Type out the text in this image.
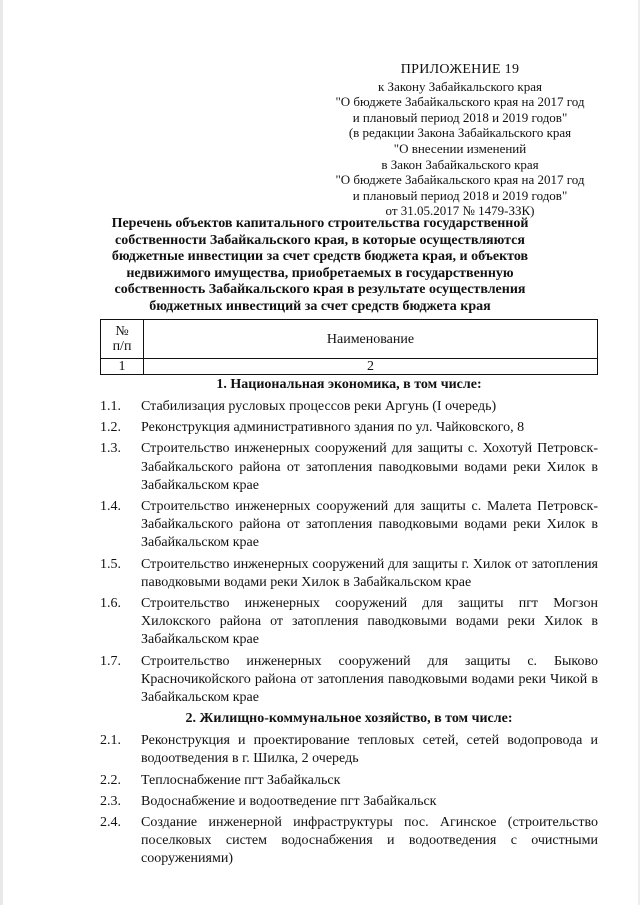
ПРИЛОЖЕНИЕ 19
к Закону Забайкальского края
"О бюджете Забайкальского края на 2017 год
и плановый период 2018 и 2019 годов"
(в редакции Закона Забайкальского края
"О внесении изменений
в Закон Забайкальского края
"О бюджете Забайкальского края на 2017 год
и плановый период 2018 и 2019 годов"
от 31.05.2017 № 1479-ЗЗК)
Перечень объектов капитального строительства государственной собственности Забайкальского края, в которые осуществляются бюджетные инвестиции за счет средств бюджета края, и объектов недвижимого имущества, приобретаемых в государственную собственность Забайкальского края в результате осуществления бюджетных инвестиций за счет средств бюджета края
№
п/п	Наименование
1	2
1. Национальная экономика, в том числе:
1.1.	Стабилизация русловых процессов реки Аргунь (I очередь)
1.2.	Реконструкция административного здания по ул. Чайковского, 8
1.3.	Строительство инженерных сооружений для защиты с. Хохотуй Петровск-Забайкальского района от затопления паводковыми водами реки Хилок в Забайкальском крае
1.4.	Строительство инженерных сооружений для защиты с. Малета Петровск-Забайкальского района от затопления паводковыми водами реки Хилок в Забайкальском крае
1.5.	Строительство инженерных сооружений для защиты г. Хилок от затопления паводковыми водами реки Хилок в Забайкальском крае
1.6.	Строительство инженерных сооружений для защиты пгт Могзон Хилокского района от затопления паводковыми водами реки Хилок в Забайкальском крае
1.7.	Строительство инженерных сооружений для защиты с. Быково Красночикойского района от затопления паводковыми водами реки Чикой в Забайкальском крае
2. Жилищно-коммунальное хозяйство, в том числе:
2.1.	Реконструкция и проектирование тепловых сетей, сетей водопровода и водоотведения в г. Шилка, 2 очередь
2.2.	Теплоснабжение пгт Забайкальск
2.3.	Водоснабжение и водоотведение пгт Забайкальск
2.4.	Создание инженерной инфраструктуры пос. Агинское (строительство поселковых систем водоснабжения и водоотведения с очистными сооружениями)
